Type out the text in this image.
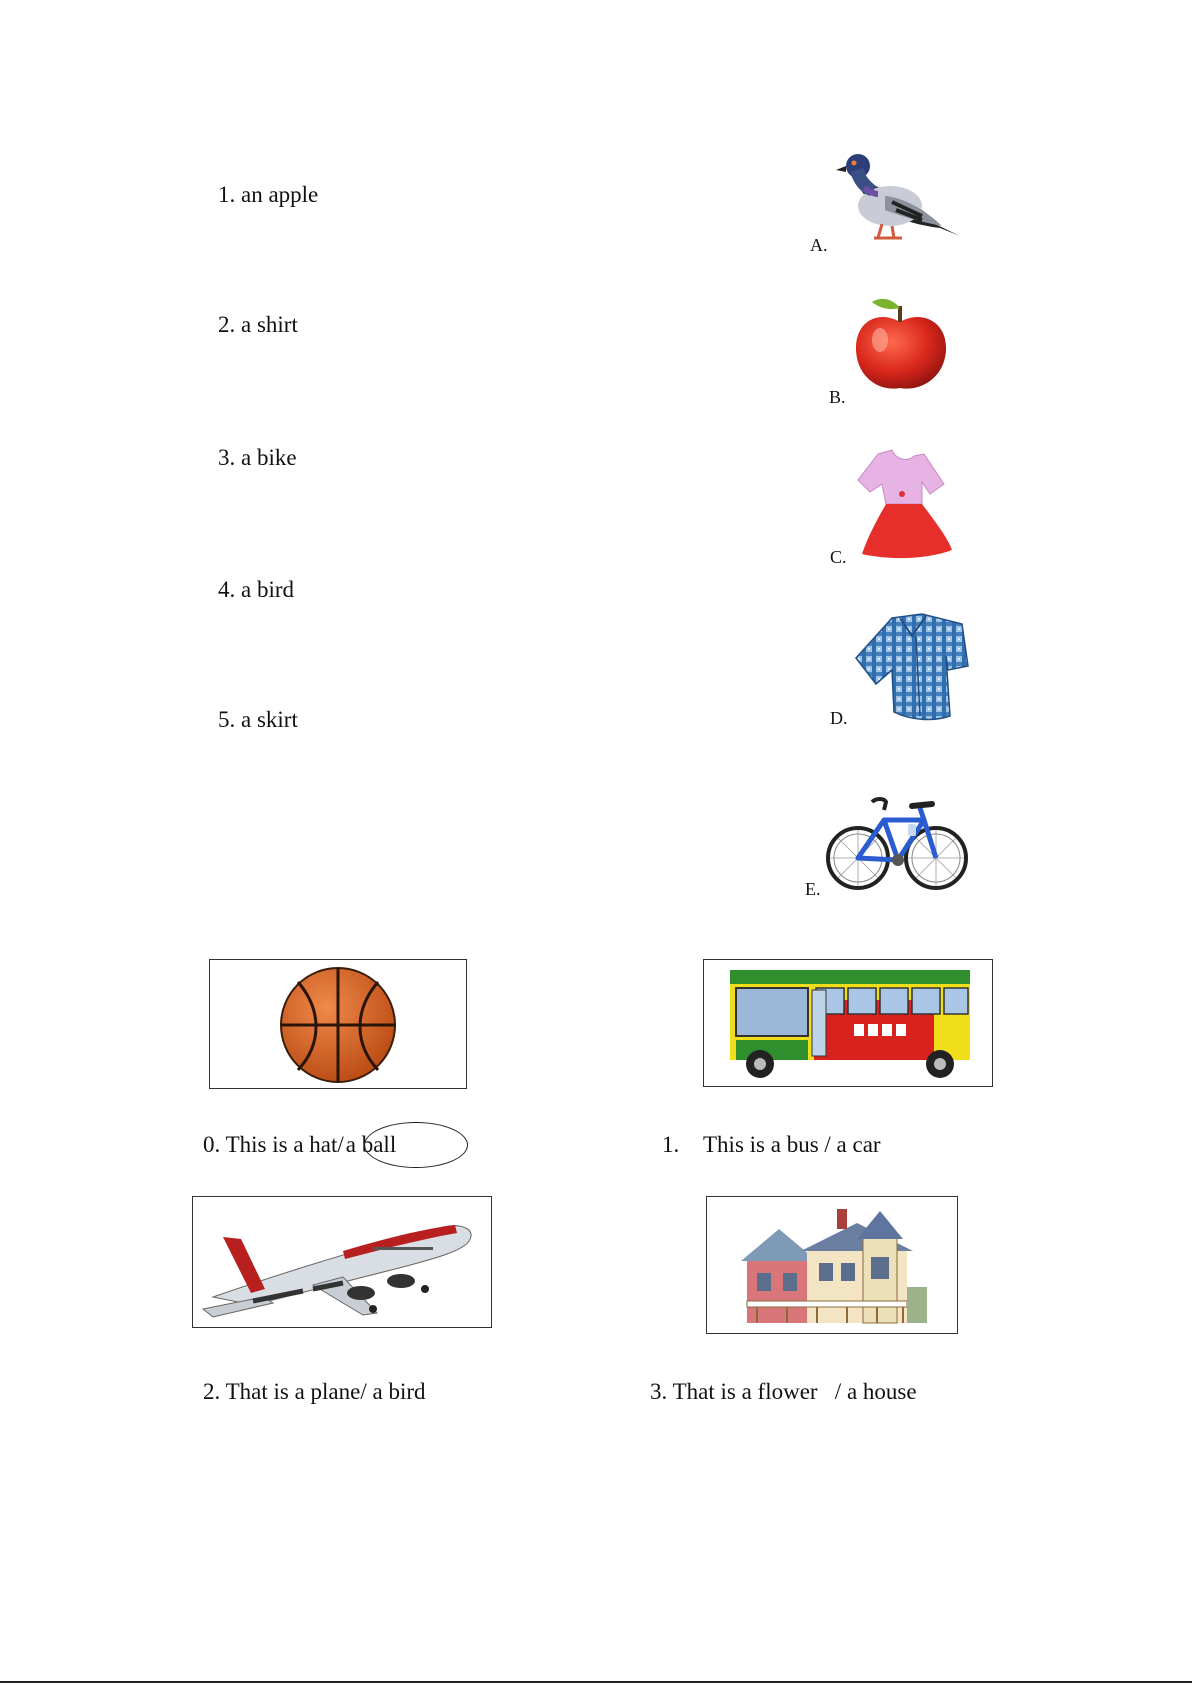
1. an apple
2. a shirt
3. a bike
4. a bird
5. a skirt
A.
B.
C.
D.
E.
0. This is a hat/a ball	1. This is a bus / a car
2. That is a plane/ a bird	3. That is a flower   / a house
